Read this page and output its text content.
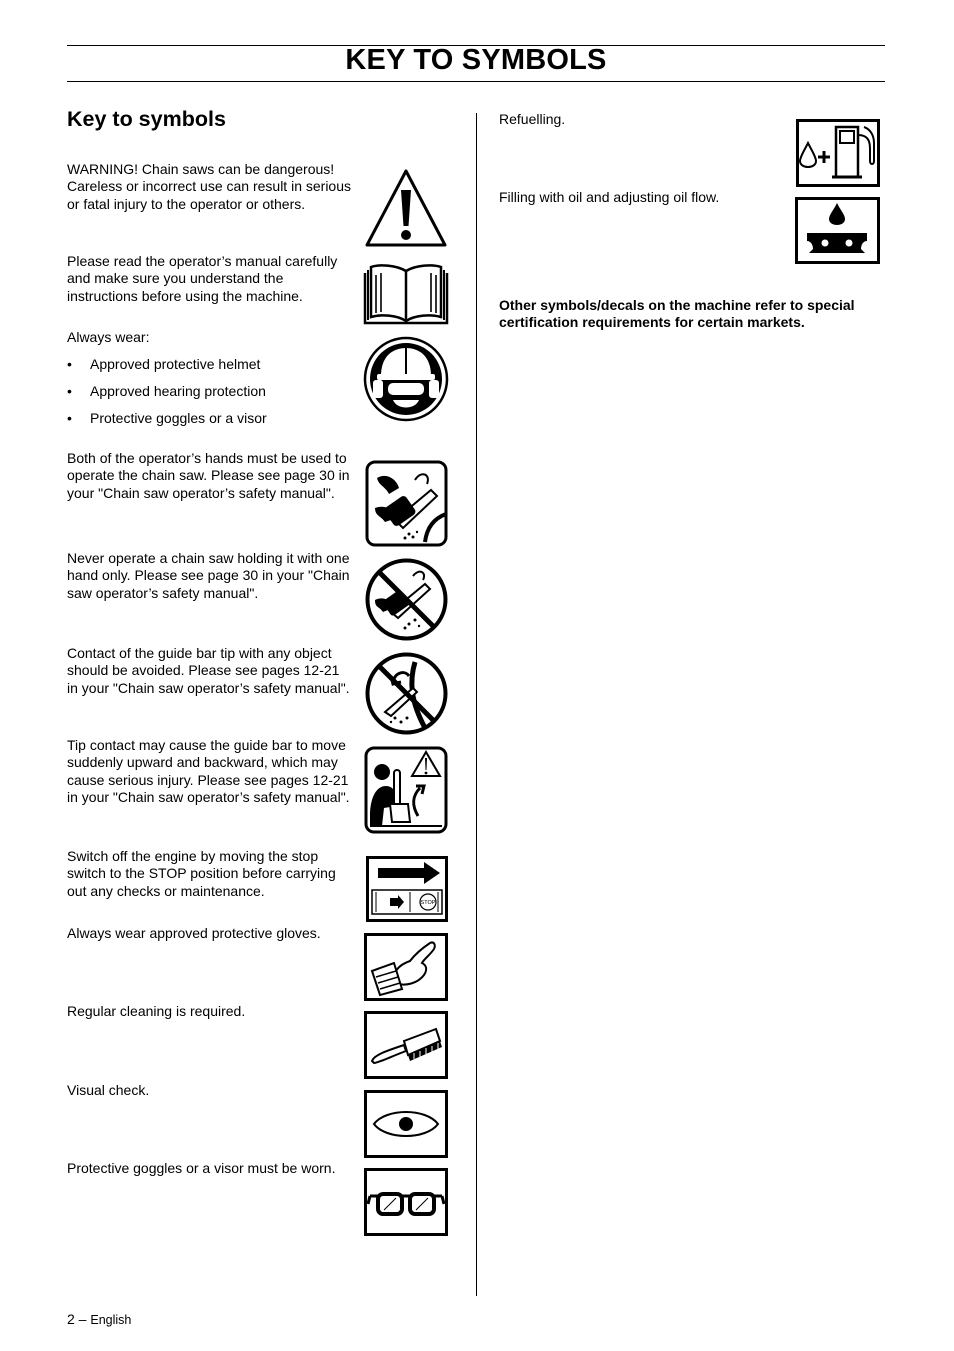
KEY TO SYMBOLS
Key to symbols
WARNING! Chain saws can be dangerous! Careless or incorrect use can result in serious or fatal injury to the operator or others.
Please read the operator’s manual carefully and make sure you understand the instructions before using the machine.
Always wear:
• Approved protective helmet
• Approved hearing protection
• Protective goggles or a visor
Both of the operator’s hands must be used to operate the chain saw. Please see page 30 in your "Chain saw operator’s safety manual".
Never operate a chain saw holding it with one hand only. Please see page 30 in your "Chain saw operator’s safety manual".
Contact of the guide bar tip with any object should be avoided. Please see pages 12-21 in your "Chain saw operator’s safety manual".
Tip contact may cause the guide bar to move suddenly upward and backward, which may cause serious injury. Please see pages 12-21 in your "Chain saw operator’s safety manual".
Switch off the engine by moving the stop switch to the STOP position before carrying out any checks or maintenance.
Always wear approved protective gloves.
Regular cleaning is required.
Visual check.
Protective goggles or a visor must be worn.
STOP
Refuelling.
Filling with oil and adjusting oil flow.
Other symbols/decals on the machine refer to special certification requirements for certain markets.
2 – English
